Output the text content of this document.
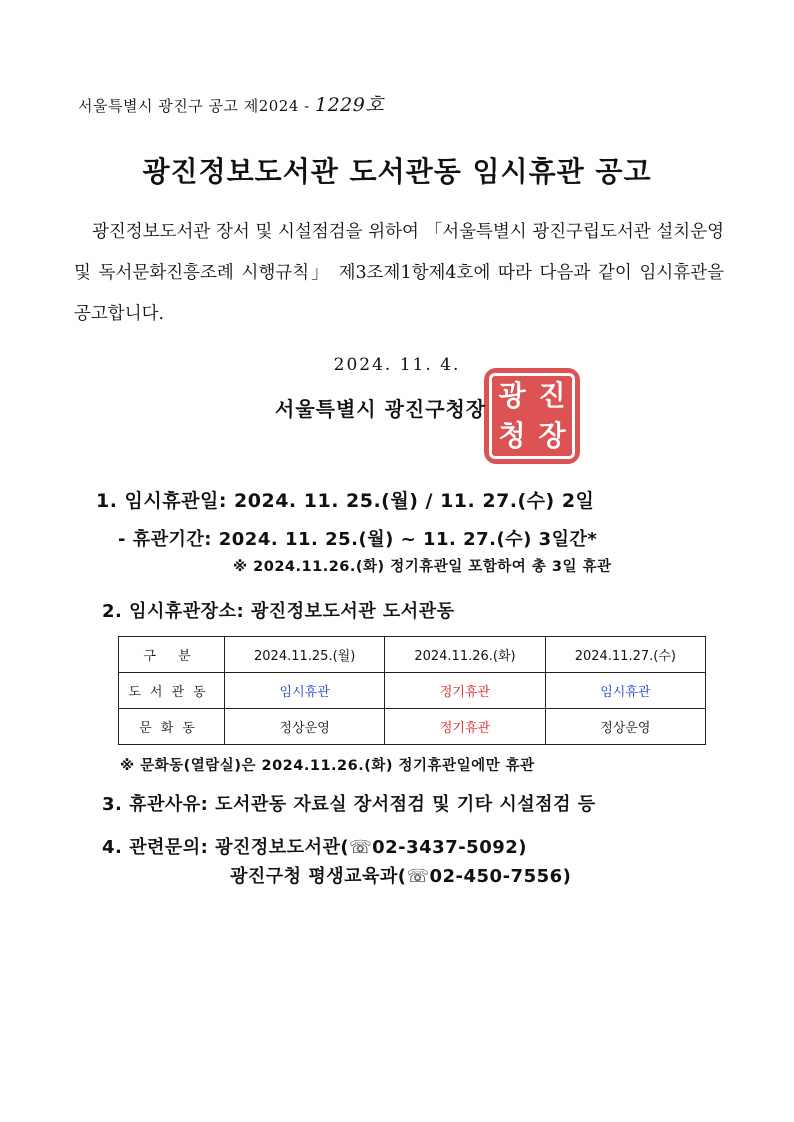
서울특별시 광진구 공고 제2024 - 1229호
광진정보도서관 도서관동 임시휴관 공고
광진정보도서관 장서 및 시설점검을 위하여 「서울특별시 광진구립도서관 설치운영 및 독서문화진흥조례 시행규칙」 제3조제1항제4호에 따라 다음과 같이 임시휴관을 공고합니다.
2024. 11. 4.
광 진
청 장
서울특별시 광진구청장
1. 임시휴관일: 2024. 11. 25.(월) / 11. 27.(수) 2일
- 휴관기간: 2024. 11. 25.(월) ~ 11. 27.(수) 3일간*
※ 2024.11.26.(화) 정기휴관일 포함하여 총 3일 휴관
2. 임시휴관장소: 광진정보도서관 도서관동
구 분	2024.11.25.(월)	2024.11.26.(화)	2024.11.27.(수)
도서관동	임시휴관	정기휴관	임시휴관
문화동	정상운영	정기휴관	정상운영
※ 문화동(열람실)은 2024.11.26.(화) 정기휴관일에만 휴관
3. 휴관사유: 도서관동 자료실 장서점검 및 기타 시설점검 등
4. 관련문의: 광진정보도서관(☏02-3437-5092)
광진구청 평생교육과(☏02-450-7556)
